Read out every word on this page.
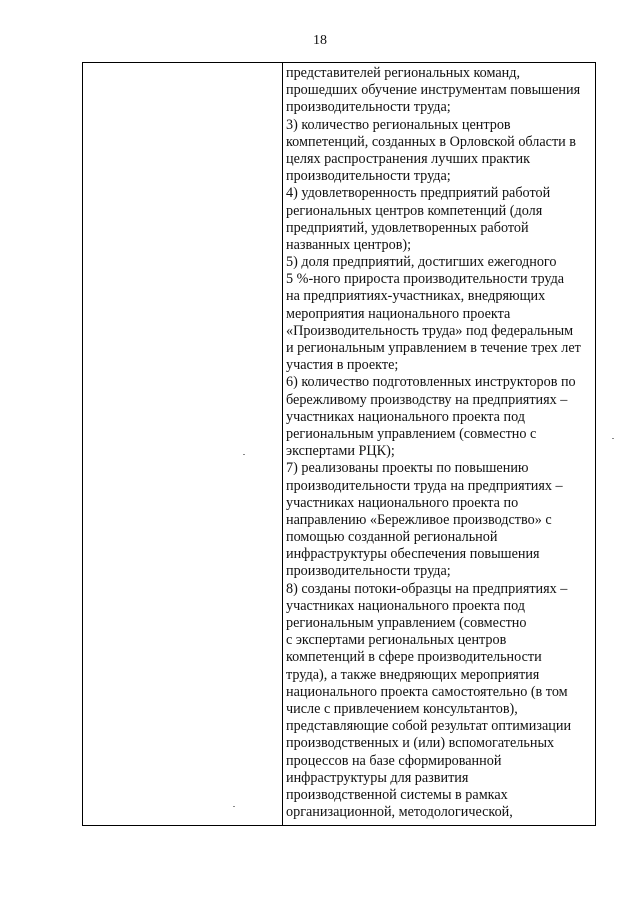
18
представителей региональных команд,
прошедших обучение инструментам повышения
производительности труда;
3) количество региональных центров
компетенций, созданных в Орловской области в
целях распространения лучших практик
производительности труда;
4) удовлетворенность предприятий работой
региональных центров компетенций (доля
предприятий, удовлетворенных работой
названных центров);
5) доля предприятий, достигших ежегодного
5 %-ного прироста производительности труда
на предприятиях-участниках, внедряющих
мероприятия национального проекта
«Производительность труда» под федеральным
и региональным управлением в течение трех лет
участия в проекте;
6) количество подготовленных инструкторов по
бережливому производству на предприятиях –
участниках национального проекта под
региональным управлением (совместно с
экспертами РЦК);
7) реализованы проекты по повышению
производительности труда на предприятиях –
участниках национального проекта по
направлению «Бережливое производство» с
помощью созданной региональной
инфраструктуры обеспечения повышения
производительности труда;
8) созданы потоки-образцы на предприятиях –
участниках национального проекта под
региональным управлением (совместно
с экспертами региональных центров
компетенций в сфере производительности
труда), а также внедряющих мероприятия
национального проекта самостоятельно (в том
числе с привлечением консультантов),
представляющие собой результат оптимизации
производственных и (или) вспомогательных
процессов на базе сформированной
инфраструктуры для развития
производственной системы в рамках
организационной, методологической,
